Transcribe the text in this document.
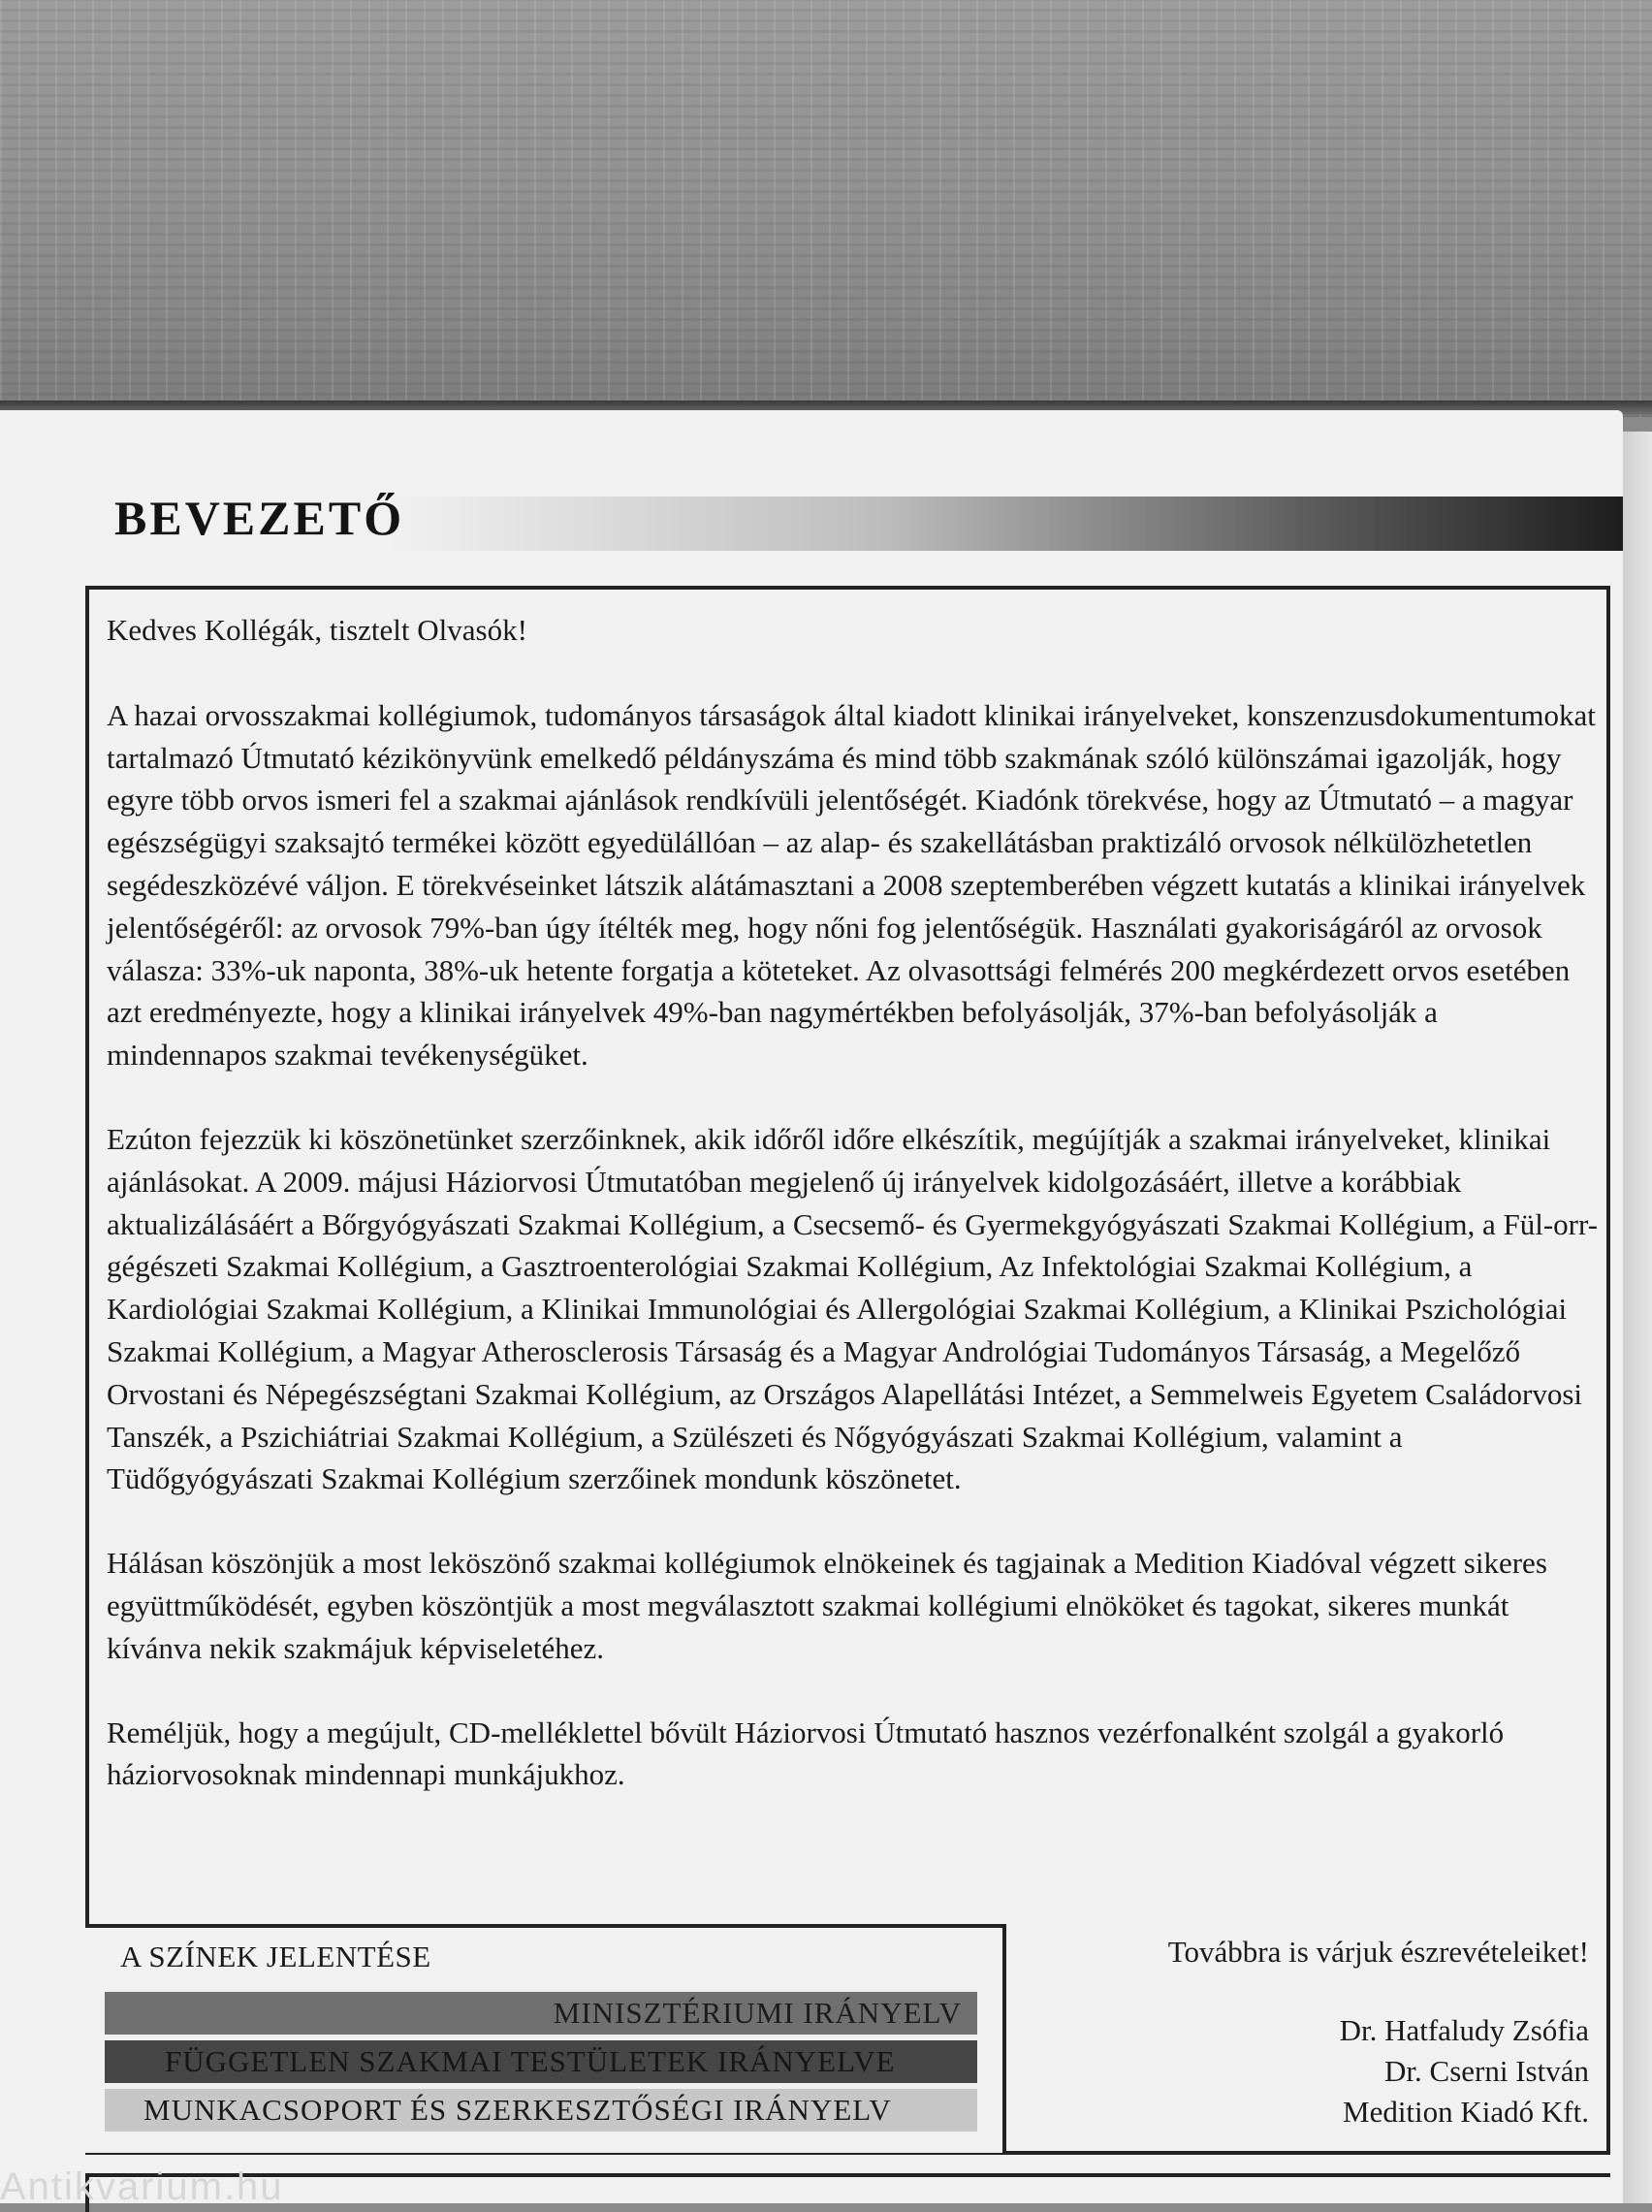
BEVEZETŐ

Kedves Kollégák, tisztelt Olvasók!

A hazai orvosszakmai kollégiumok, tudományos társaságok által kiadott klinikai irányelveket, konszenzusdokumentumokat tartalmazó Útmutató kézikönyvünk emelkedő példányszáma és mind több szakmának szóló különszámai igazolják, hogy egyre több orvos ismeri fel a szakmai ajánlások rendkívüli jelentőségét. Kiadónk törekvése, hogy az Útmutató – a magyar egészségügyi szaksajtó termékei között egyedülállóan – az alap- és szakellátásban praktizáló orvosok nélkülözhetetlen segédeszközévé váljon. E törekvéseinket látszik alátámasztani a 2008 szeptemberében végzett kutatás a klinikai irányelvek jelentőségéről: az orvosok 79%-ban úgy ítélték meg, hogy nőni fog jelentőségük. Használati gyakoriságáról az orvosok válasza: 33%-uk naponta, 38%-uk hetente forgatja a köteteket. Az olvasottsági felmérés 200 megkérdezett orvos esetében azt eredményezte, hogy a klinikai irányelvek 49%-ban nagymértékben befolyásolják, 37%-ban befolyásolják a mindennapos szakmai tevékenységüket.

Ezúton fejezzük ki köszönetünket szerzőinknek, akik időről időre elkészítik, megújítják a szakmai irányelveket, klinikai ajánlásokat. A 2009. májusi Háziorvosi Útmutatóban megjelenő új irányelvek kidolgozásáért, illetve a korábbiak aktualizálásáért a Bőrgyógyászati Szakmai Kollégium, a Csecsemő- és Gyermekgyógyászati Szakmai Kollégium, a Fül-orr-gégészeti Szakmai Kollégium, a Gasztroenterológiai Szakmai Kollégium, Az Infektológiai Szakmai Kollégium, a Kardiológiai Szakmai Kollégium, a Klinikai Immunológiai és Allergológiai Szakmai Kollégium, a Klinikai Pszichológiai Szakmai Kollégium, a Magyar Atherosclerosis Társaság és a Magyar Andrológiai Tudományos Társaság, a Megelőző Orvostani és Népegészségtani Szakmai Kollégium, az Országos Alapellátási Intézet, a Semmelweis Egyetem Családorvosi Tanszék, a Pszichiátriai Szakmai Kollégium, a Szülészeti és Nőgyógyászati Szakmai Kollégium, valamint a Tüdőgyógyászati Szakmai Kollégium szerzőinek mondunk köszönetet.

Hálásan köszönjük a most leköszönő szakmai kollégiumok elnökeinek és tagjainak a Medition Kiadóval végzett sikeres együttműködését, egyben köszöntjük a most megválasztott szakmai kollégiumi elnököket és tagokat, sikeres munkát kívánva nekik szakmájuk képviseletéhez.

Reméljük, hogy a megújult, CD-melléklettel bővült Háziorvosi Útmutató hasznos vezérfonalként szolgál a gyakorló háziorvosoknak mindennapi munkájukhoz.

Továbbra is várjuk észrevételeiket!

Dr. Hatfaludy Zsófia
Dr. Cserni István
Medition Kiadó Kft.

A SZÍNEK JELENTÉSE

MINISZTÉRIUMI IRÁNYELV
FÜGGETLEN SZAKMAI TESTÜLETEK IRÁNYELVE
MUNKACSOPORT ÉS SZERKESZTŐSÉGI IRÁNYELV
Antikvarium.hu
